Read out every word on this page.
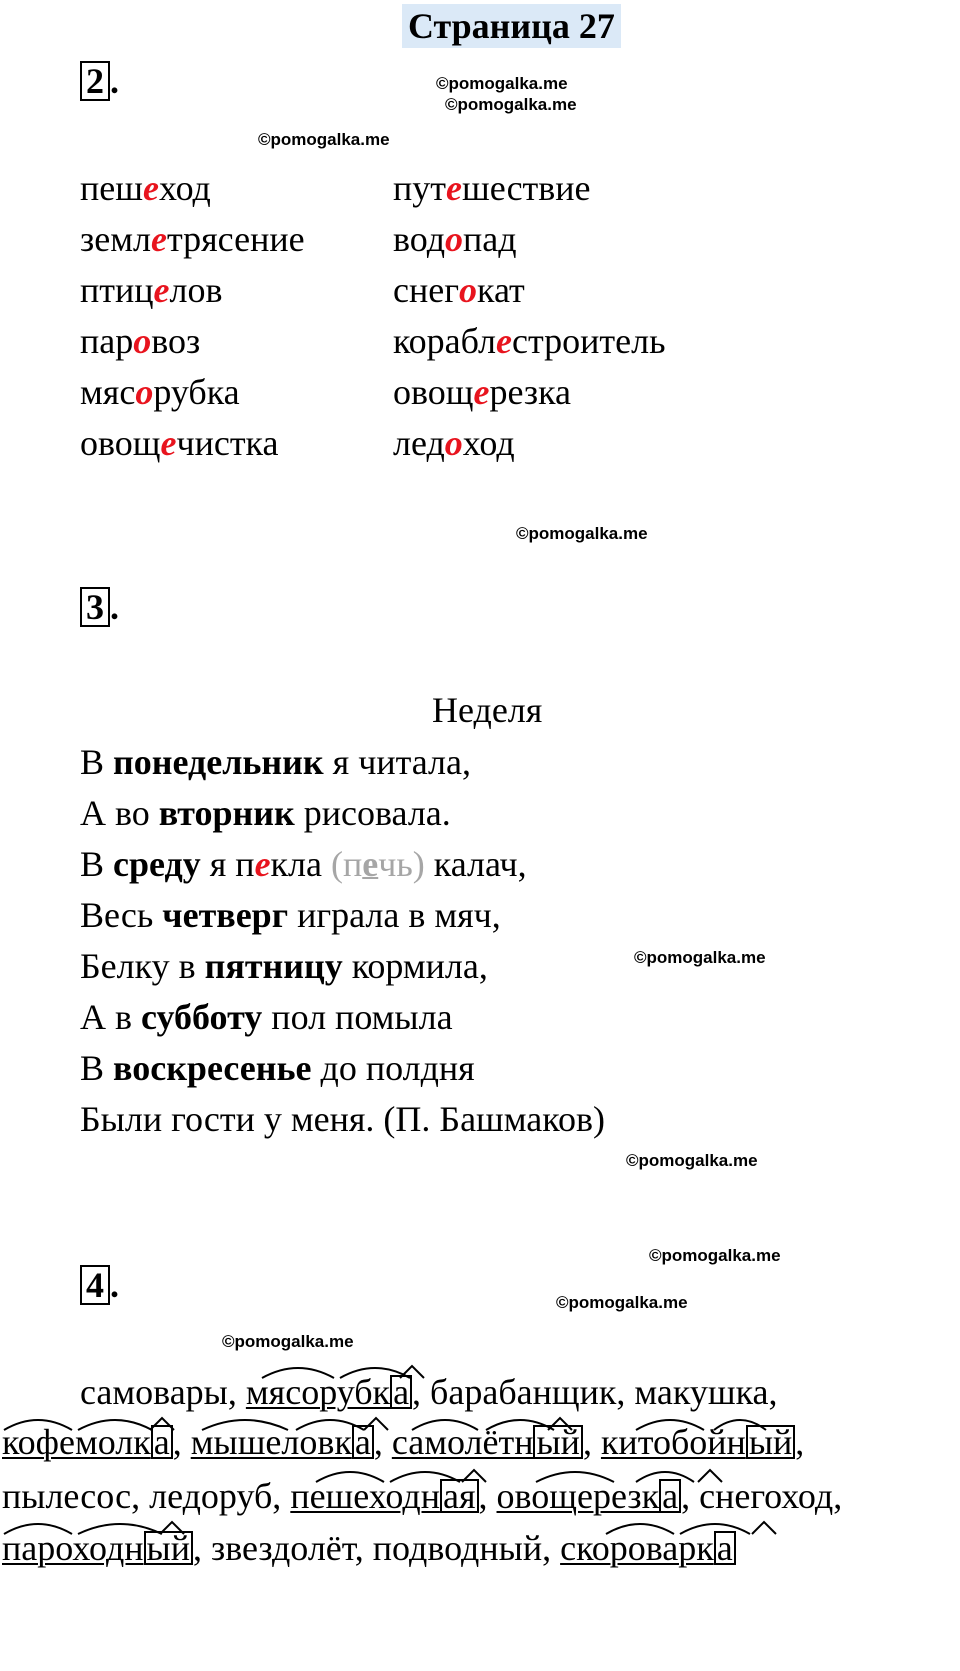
Страница 27
©pomogalka.me
©pomogalka.me
©pomogalka.me
©pomogalka.me
©pomogalka.me
©pomogalka.me
©pomogalka.me
©pomogalka.me
©pomogalka.me
2 .
пешеход
землетрясение
птицелов
паровоз
мясорубка
овощечистка
путешествие
водопад
снегокат
кораблестроитель
овощерезка
ледоход
3 .
Неделя
В понедельник я читала,
А во вторник рисовала.
В среду я пекла (печь) калач,
Весь четверг играла в мяч,
Белку в пятницу кормила,
А в субботу пол помыла
В воскресенье до полдня
Были гости у меня. (П. Башмаков)
4 .
самовары, мясорубка, барабанщик, макушка,
кофемолка, мышеловка, самолётный, китобойный,
пылесос, ледоруб, пешеходная, овощерезка, снегоход,
пароходный, звездолёт, подводный, скороварка
